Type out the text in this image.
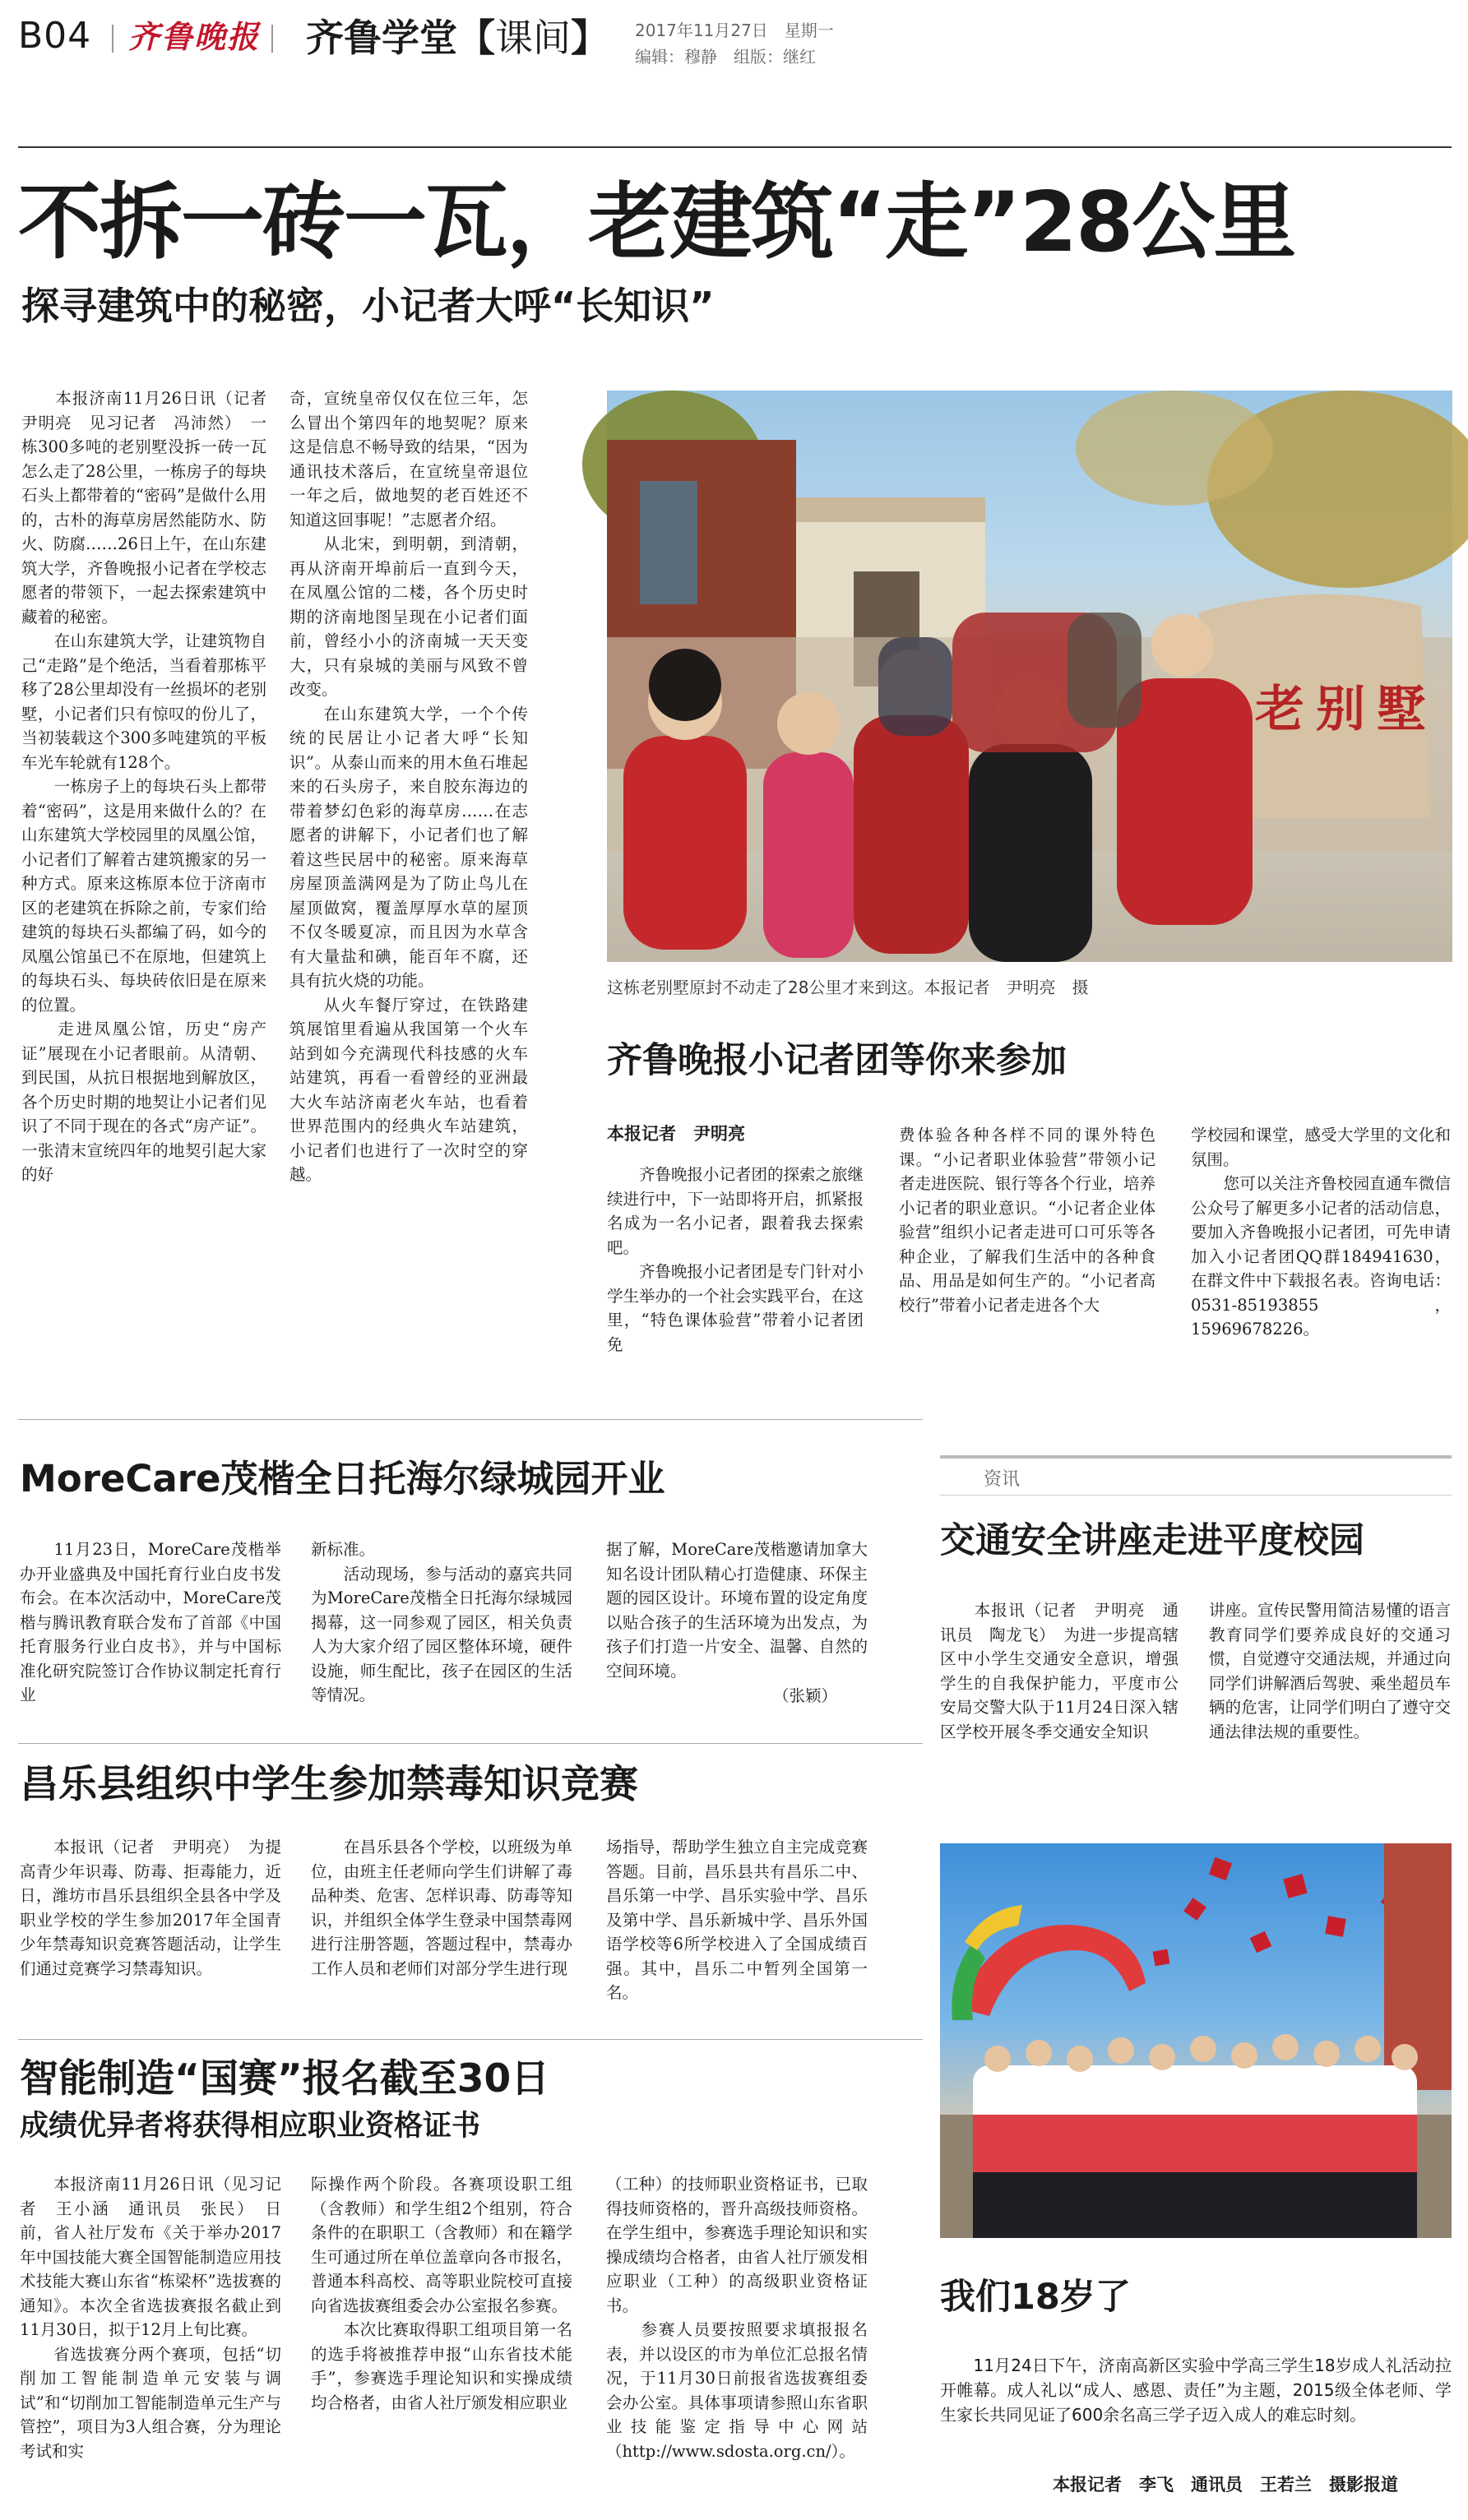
B04 齐鲁晚报 齐鲁学堂【课间】 2017年11月27日　星期一
编辑：穆静　组版：继红
不拆一砖一瓦，老建筑“走”28公里
探寻建筑中的秘密，小记者大呼“长知识”
　　本报济南11月26日讯（记者　尹明亮　见习记者　冯沛然）　一栋300多吨的老别墅没拆一砖一瓦怎么走了28公里，一栋房子的每块石头上都带着的“密码”是做什么用的，古朴的海草房居然能防水、防火、防腐……26日上午，在山东建筑大学，齐鲁晚报小记者在学校志愿者的带领下，一起去探索建筑中藏着的秘密。
　　在山东建筑大学，让建筑物自己“走路”是个绝活，当看着那栋平移了28公里却没有一丝损坏的老别墅，小记者们只有惊叹的份儿了，当初装载这个300多吨建筑的平板车光车轮就有128个。
　　一栋房子上的每块石头上都带着“密码”，这是用来做什么的？在山东建筑大学校园里的凤凰公馆，小记者们了解着古建筑搬家的另一种方式。原来这栋原本位于济南市区的老建筑在拆除之前，专家们给建筑的每块石头都编了码，如今的凤凰公馆虽已不在原地，但建筑上的每块石头、每块砖依旧是在原来的位置。
　　走进凤凰公馆，历史“房产证”展现在小记者眼前。从清朝、到民国，从抗日根据地到解放区，各个历史时期的地契让小记者们见识了不同于现在的各式“房产证”。一张清末宣统四年的地契引起大家的好
奇，宣统皇帝仅仅在位三年，怎么冒出个第四年的地契呢？原来这是信息不畅导致的结果，“因为通讯技术落后，在宣统皇帝退位一年之后，做地契的老百姓还不知道这回事呢！”志愿者介绍。
　　从北宋，到明朝，到清朝，再从济南开埠前后一直到今天，在凤凰公馆的二楼，各个历史时期的济南地图呈现在小记者们面前，曾经小小的济南城一天天变大，只有泉城的美丽与风致不曾改变。
　　在山东建筑大学，一个个传统的民居让小记者大呼“长知识”。从泰山而来的用木鱼石堆起来的石头房子，来自胶东海边的带着梦幻色彩的海草房……在志愿者的讲解下，小记者们也了解着这些民居中的秘密。原来海草房屋顶盖满网是为了防止鸟儿在屋顶做窝，覆盖厚厚水草的屋顶不仅冬暖夏凉，而且因为水草含有大量盐和碘，能百年不腐，还具有抗火烧的功能。
　　从火车餐厅穿过，在铁路建筑展馆里看遍从我国第一个火车站到如今充满现代科技感的火车站建筑，再看一看曾经的亚洲最大火车站济南老火车站，也看着世界范围内的经典火车站建筑，小记者们也进行了一次时空的穿越。
老别墅
这栋老别墅原封不动走了28公里才来到这。本报记者　尹明亮　摄
齐鲁晚报小记者团等你来参加
本报记者　尹明亮
　　齐鲁晚报小记者团的探索之旅继续进行中，下一站即将开启，抓紧报名成为一名小记者，跟着我去探索吧。
　　齐鲁晚报小记者团是专门针对小学生举办的一个社会实践平台，在这里，“特色课体验营”带着小记者团免
费体验各种各样不同的课外特色课。“小记者职业体验营”带领小记者走进医院、银行等各个行业，培养小记者的职业意识。“小记者企业体验营”组织小记者走进可口可乐等各种企业，了解我们生活中的各种食品、用品是如何生产的。“小记者高校行”带着小记者走进各个大
学校园和课堂，感受大学里的文化和氛围。
　　您可以关注齐鲁校园直通车微信公众号了解更多小记者的活动信息，要加入齐鲁晚报小记者团，可先申请加入小记者团QQ群184941630，在群文件中下载报名表。咨询电话：0531-85193855，15969678226。
MoreCare茂楷全日托海尔绿城园开业
　　11月23日，MoreCare茂楷举办开业盛典及中国托育行业白皮书发布会。在本次活动中，MoreCare茂楷与腾讯教育联合发布了首部《中国托育服务行业白皮书》，并与中国标准化研究院签订合作协议制定托育行业
新标准。
　　活动现场，参与活动的嘉宾共同为MoreCare茂楷全日托海尔绿城园揭幕，这一同参观了园区，相关负责人为大家介绍了园区整体环境，硬件设施，师生配比，孩子在园区的生活等情况。
据了解，MoreCare茂楷邀请加拿大知名设计团队精心打造健康、环保主题的园区设计。环境布置的设定角度以贴合孩子的生活环境为出发点，为孩子们打造一片安全、温馨、自然的空间环境。
（张颖）
资讯
交通安全讲座走进平度校园
　　本报讯（记者　尹明亮　通讯员　陶龙飞）　为进一步提高辖区中小学生交通安全意识，增强学生的自我保护能力，平度市公安局交警大队于11月24日深入辖区学校开展冬季交通安全知识
讲座。宣传民警用简洁易懂的语言教育同学们要养成良好的交通习惯，自觉遵守交通法规，并通过向同学们讲解酒后驾驶、乘坐超员车辆的危害，让同学们明白了遵守交通法律法规的重要性。
昌乐县组织中学生参加禁毒知识竞赛
　　本报讯（记者　尹明亮）　为提高青少年识毒、防毒、拒毒能力，近日，潍坊市昌乐县组织全县各中学及职业学校的学生参加2017年全国青少年禁毒知识竞赛答题活动，让学生们通过竞赛学习禁毒知识。
　　在昌乐县各个学校，以班级为单位，由班主任老师向学生们讲解了毒品种类、危害、怎样识毒、防毒等知识，并组织全体学生登录中国禁毒网进行注册答题，答题过程中，禁毒办工作人员和老师们对部分学生进行现
场指导，帮助学生独立自主完成竞赛答题。目前，昌乐县共有昌乐二中、昌乐第一中学、昌乐实验中学、昌乐及第中学、昌乐新城中学、昌乐外国语学校等6所学校进入了全国成绩百强。其中，昌乐二中暂列全国第一名。
智能制造“国赛”报名截至30日
成绩优异者将获得相应职业资格证书
　　本报济南11月26日讯（见习记者　王小涵　通讯员　张民）　日前，省人社厅发布《关于举办2017年中国技能大赛全国智能制造应用技术技能大赛山东省“栋梁杯”选拔赛的通知》。本次全省选拔赛报名截止到11月30日，拟于12月上旬比赛。
　　省选拔赛分两个赛项，包括“切削加工智能制造单元安装与调试”和“切削加工智能制造单元生产与管控”，项目为3人组合赛，分为理论考试和实
际操作两个阶段。各赛项设职工组（含教师）和学生组2个组别，符合条件的在职职工（含教师）和在籍学生可通过所在单位盖章向各市报名，普通本科高校、高等职业院校可直接向省选拔赛组委会办公室报名参赛。
　　本次比赛取得职工组项目第一名的选手将被推荐申报“山东省技术能手”，参赛选手理论知识和实操成绩均合格者，由省人社厅颁发相应职业
（工种）的技师职业资格证书，已取得技师资格的，晋升高级技师资格。在学生组中，参赛选手理论知识和实操成绩均合格者，由省人社厅颁发相应职业（工种）的高级职业资格证书。
　　参赛人员要按照要求填报报名表，并以设区的市为单位汇总报名情况，于11月30日前报省选拔赛组委会办公室。具体事项请参照山东省职业技能鉴定指导中心网站（http://www.sdosta.org.cn/）。
我们18岁了
　　11月24日下午，济南高新区实验中学高三学生18岁成人礼活动拉开帷幕。成人礼以“成人、感恩、责任”为主题，2015级全体老师、学生家长共同见证了600余名高三学子迈入成人的难忘时刻。
本报记者　李飞　通讯员　王若兰　摄影报道
